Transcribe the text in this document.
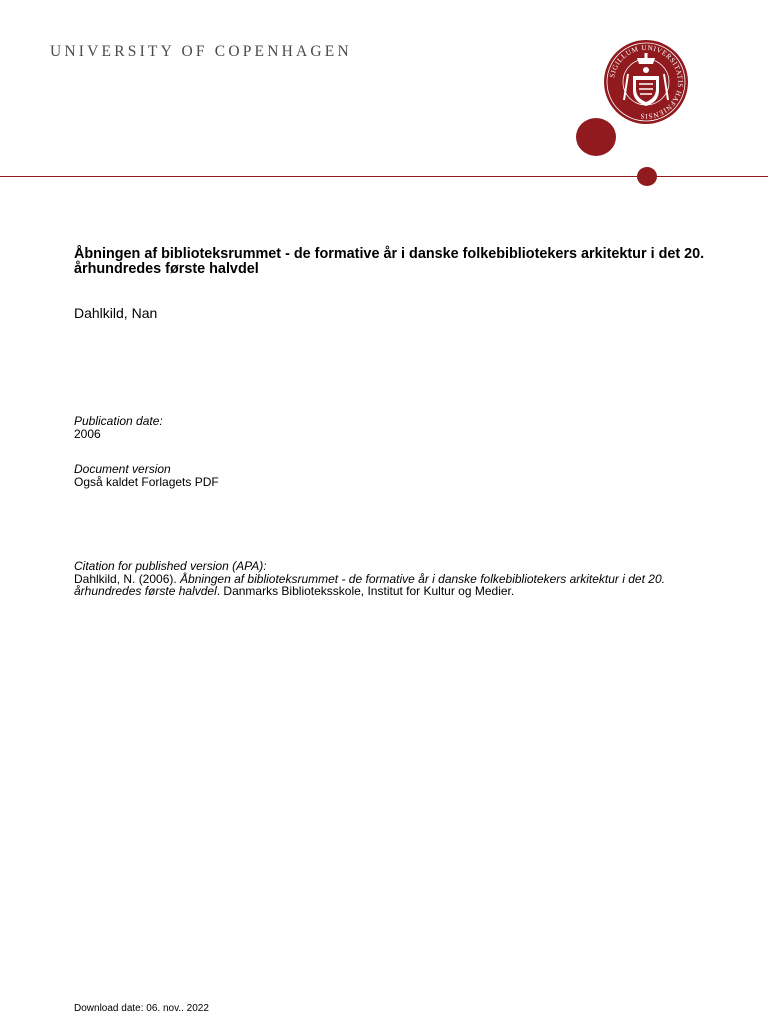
UNIVERSITY OF COPENHAGEN
SIGILLUM UNIVERSITATIS HAFNIENSIS
Åbningen af biblioteksrummet - de formative år i danske folkebibliotekers arkitektur i det 20. århundredes første halvdel
Dahlkild, Nan
Publication date:
2006
Document version
Også kaldet Forlagets PDF
Citation for published version (APA):
Dahlkild, N. (2006). Åbningen af biblioteksrummet - de formative år i danske folkebibliotekers arkitektur i det 20. århundredes første halvdel. Danmarks Biblioteksskole, Institut for Kultur og Medier.
Download date: 06. nov.. 2022
